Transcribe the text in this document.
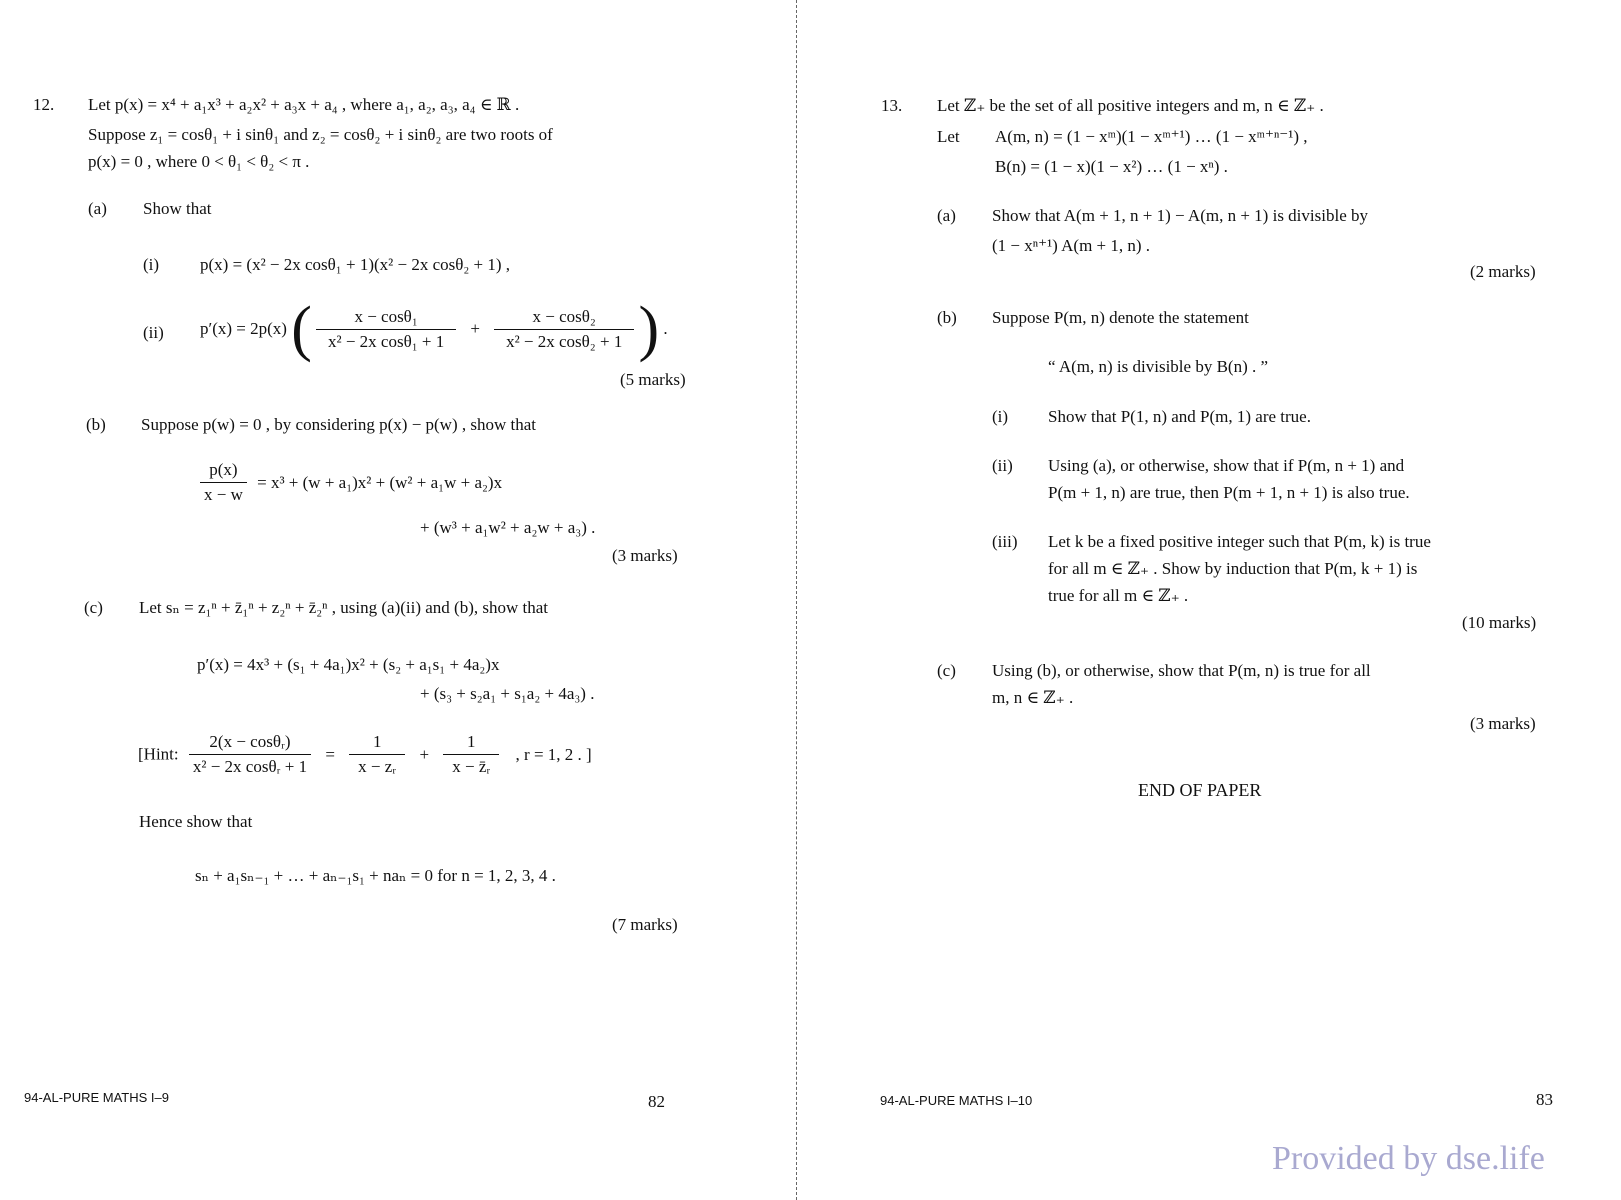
12. Let p(x) = x⁴ + a₁x³ + a₂x² + a₃x + a₄ , where a₁, a₂, a₃, a₄ ∈ ℝ .
Suppose z₁ = cosθ₁ + i sinθ₁ and z₂ = cosθ₂ + i sinθ₂ are two roots of
p(x) = 0 , where 0 < θ₁ < θ₂ < π .
(a) Show that
(i) p(x) = (x² − 2x cosθ₁ + 1)(x² − 2x cosθ₂ + 1) ,
(ii) p′(x) = 2p(x) ( $\frac{\text{x − cosθ₁}}{\text{x² − 2x cosθ₁ + 1}} + \frac{\text{x − cosθ₂}}{\text{x² − 2x cosθ₂ + 1}}$ ) .
(5 marks)
(b) Suppose p(w) = 0 , by considering p(x) − p(w) , show that
$\frac{p(x)}{x - w} = x^3 + (w + a_1)x^2 + (w^2 + a_1w + a_2)x$
+ (w³ + a₁w² + a₂w + a₃) .
(3 marks)
(c) Let sₙ = z₁ⁿ + z̄₁ⁿ + z₂ⁿ + z̄₂ⁿ , using (a)(ii) and (b), show that
p′(x) = 4x³ + (s₁ + 4a₁)x² + (s₂ + a₁s₁ + 4a₂)x
+ (s₃ + s₂a₁ + s₁a₂ + 4a₃) .
[Hint: $\frac{\text{2(x − cosθᵣ)}}{\text{x² − 2x cosθᵣ + 1}} = \frac{1}{\text{x − zᵣ}} + \frac{1}{\text{x − z̄ᵣ}}$ , r = 1, 2 . ]
Hence show that
sₙ + a₁sₙ₋₁ + … + aₙ₋₁s₁ + naₙ = 0 for n = 1, 2, 3, 4 .
(7 marks)
94-AL-PURE MATHS I–9	82
13. Let ℤ₊ be the set of all positive integers and m, n ∈ ℤ₊ .
Let A(m, n) = (1 − xᵐ)(1 − xᵐ⁺¹) … (1 − xᵐ⁺ⁿ⁻¹) ,
B(n) = (1 − x)(1 − x²) … (1 − xⁿ) .
(a) Show that A(m + 1, n + 1) − A(m, n + 1) is divisible by
(1 − xⁿ⁺¹) A(m + 1, n) .
(2 marks)
(b) Suppose P(m, n) denote the statement
“ A(m, n) is divisible by B(n) . ”
(i) Show that P(1, n) and P(m, 1) are true.
(ii) Using (a), or otherwise, show that if P(m, n + 1) and
P(m + 1, n) are true, then P(m + 1, n + 1) is also true.
(iii) Let k be a fixed positive integer such that P(m, k) is true
for all m ∈ ℤ₊ . Show by induction that P(m, k + 1) is
true for all m ∈ ℤ₊ .
(10 marks)
(c) Using (b), or otherwise, show that P(m, n) is true for all
m, n ∈ ℤ₊ .
(3 marks)
END OF PAPER
94-AL-PURE MATHS I–10	83
Provided by dse.life
